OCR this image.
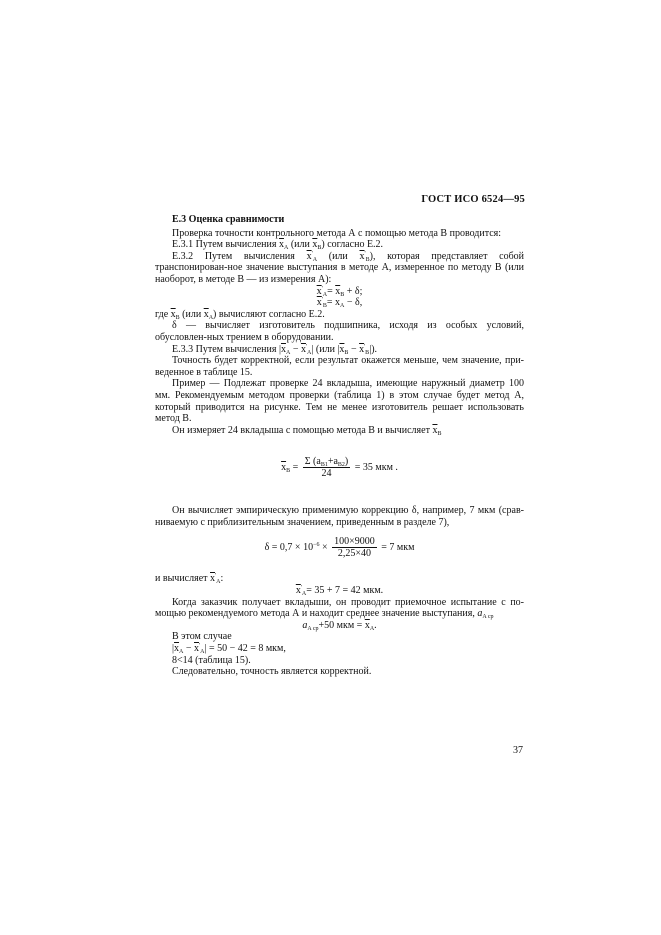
ГОСТ ИСО 6524—95
Е.3 Оценка сравнимости

Проверка точности контрольного метода А с помощью метода В проводится:

Е.3.1 Путем вычисления $\overline{x}_A$ (или $\overline{x}_B$) согласно Е.2.

Е.3.2 Путем вычисления $\overline{x}'_A$ (или $\overline{x}'_B$), которая представляет собой транспонирован-ное значение выступания в методе А, измеренное по методу В (или наоборот, в методе В — из измерения А):

$\overline{x}'_A= \overline{x}_B + \delta$;
$\overline{x}'_B= x_A - \delta$,

где $\overline{x}_B$ (или $\overline{x}_A$) вычисляют согласно Е.2.

δ — вычисляет изготовитель подшипника, исходя из особых условий, обусловлен-ных трением в оборудовании.

Е.3.3 Путем вычисления $|\overline{x}_A - \overline{x}'_A|$ (или $|\overline{x}_B - \overline{x}'_B|$).

Точность будет корректной, если результат окажется меньше, чем значение, при-веденное в таблице 15.

Пример — Подлежат проверке 24 вкладыша, имеющие наружный диаметр 100 мм. Рекомендуемым методом проверки (таблица 1) в этом случае будет метод А, который приводится на рисунке. Тем не менее изготовитель решает использовать метод В.

Он измеряет 24 вкладыша с помощью метода В и вычисляет $\overline{x}_B$

$\overline{x}_B = \frac{\Sigma (a_{B1}+a_{B2})}{24} = 35$ мкм .

Он вычисляет эмпирическую применимую коррекцию δ, например, 7 мкм (срав-ниваемую с приблизительным значением, приведенным в разделе 7),

$\delta = 0,7 \times 10^{-6} \times \frac{100\times 9000}{2,25\times 40} = 7$ мкм

и вычисляет $\overline{x}'_A$:

$\overline{x}'_A= 35 + 7 = 42$ мкм.

Когда заказчик получает вкладыши, он проводит приемочное испытание с по-мощью рекомендуемого метода А и находит среднее значение выступания, $a_{A ср}$

$a_{A ср}+50$ мкм = $\overline{x}_A$.

В этом случае

$|\overline{x}_A - \overline{x}'_A| = 50 - 42 = 8$ мкм,

8<14 (таблица 15).

Следовательно, точность является корректной.

37
